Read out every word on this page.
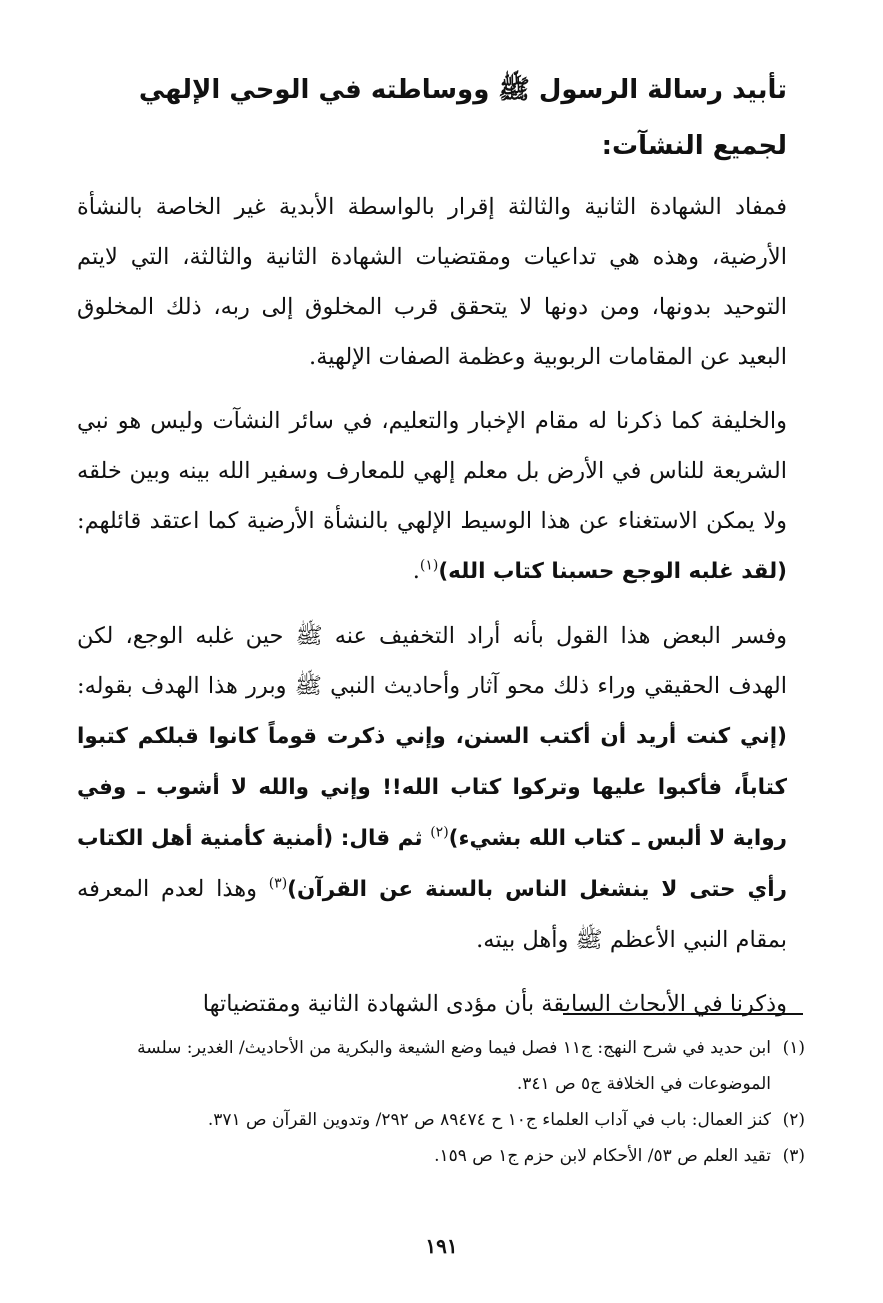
تأبيد رسالة الرسول ﷺ ووساطته في الوحي الإلهي لجميع النشآت:

فمفاد الشهادة الثانية والثالثة إقرار بالواسطة الأبدية غير الخاصة بالنشأة الأرضية، وهذه هي تداعيات ومقتضيات الشهادة الثانية والثالثة، التي لايتم التوحيد بدونها، ومن دونها لا يتحقق قرب المخلوق إلى ربه، ذلك المخلوق البعيد عن المقامات الربوبية وعظمة الصفات الإلهية.

والخليفة كما ذكرنا له مقام الإخبار والتعليم، في سائر النشآت وليس هو نبي الشريعة للناس في الأرض بل معلم إلهي للمعارف وسفير الله بينه وبين خلقه ولا يمكن الاستغناء عن هذا الوسيط الإلهي بالنشأة الأرضية كما اعتقد قائلهم: (لقد غلبه الوجع حسبنا كتاب الله)$^{(١)}$.

وفسر البعض هذا القول بأنه أراد التخفيف عنه ﷺ حين غلبه الوجع، لكن الهدف الحقيقي وراء ذلك محو آثار وأحاديث النبي ﷺ وبرر هذا الهدف بقوله: (إني كنت أريد أن أكتب السنن، وإني ذكرت قوماً كانوا قبلكم كتبوا كتاباً، فأكبوا عليها وتركوا كتاب الله!! وإني والله لا أشوب ـ وفي رواية لا ألبس ـ كتاب الله بشيء)$^{(٢)}$ ثم قال: (أمنية كأمنية أهل الكتاب رأي حتى لا ينشغل الناس بالسنة عن القرآن)$^{(٣)}$ وهذا لعدم المعرفه بمقام النبي الأعظم ﷺ وأهل بيته.

وذكرنا في الأبحاث السابقة بأن مؤدى الشهادة الثانية ومقتضياتها

(١)
ابن حديد في شرح النهج: ج١١ فصل فيما وضع الشيعة والبكرية من الأحاديث/ الغدير: سلسة الموضوعات في الخلافة ج٥ ص ٣٤١.
(٢)
كنز العمال: باب في آداب العلماء ج١٠ ح ٨٩٤٧٤ ص ٢٩٢/ وتدوين القرآن ص ٣٧١.
(٣)
تقيد العلم ص ٥٣/ الأحكام لابن حزم ج١ ص ١٥٩.
١٩١
